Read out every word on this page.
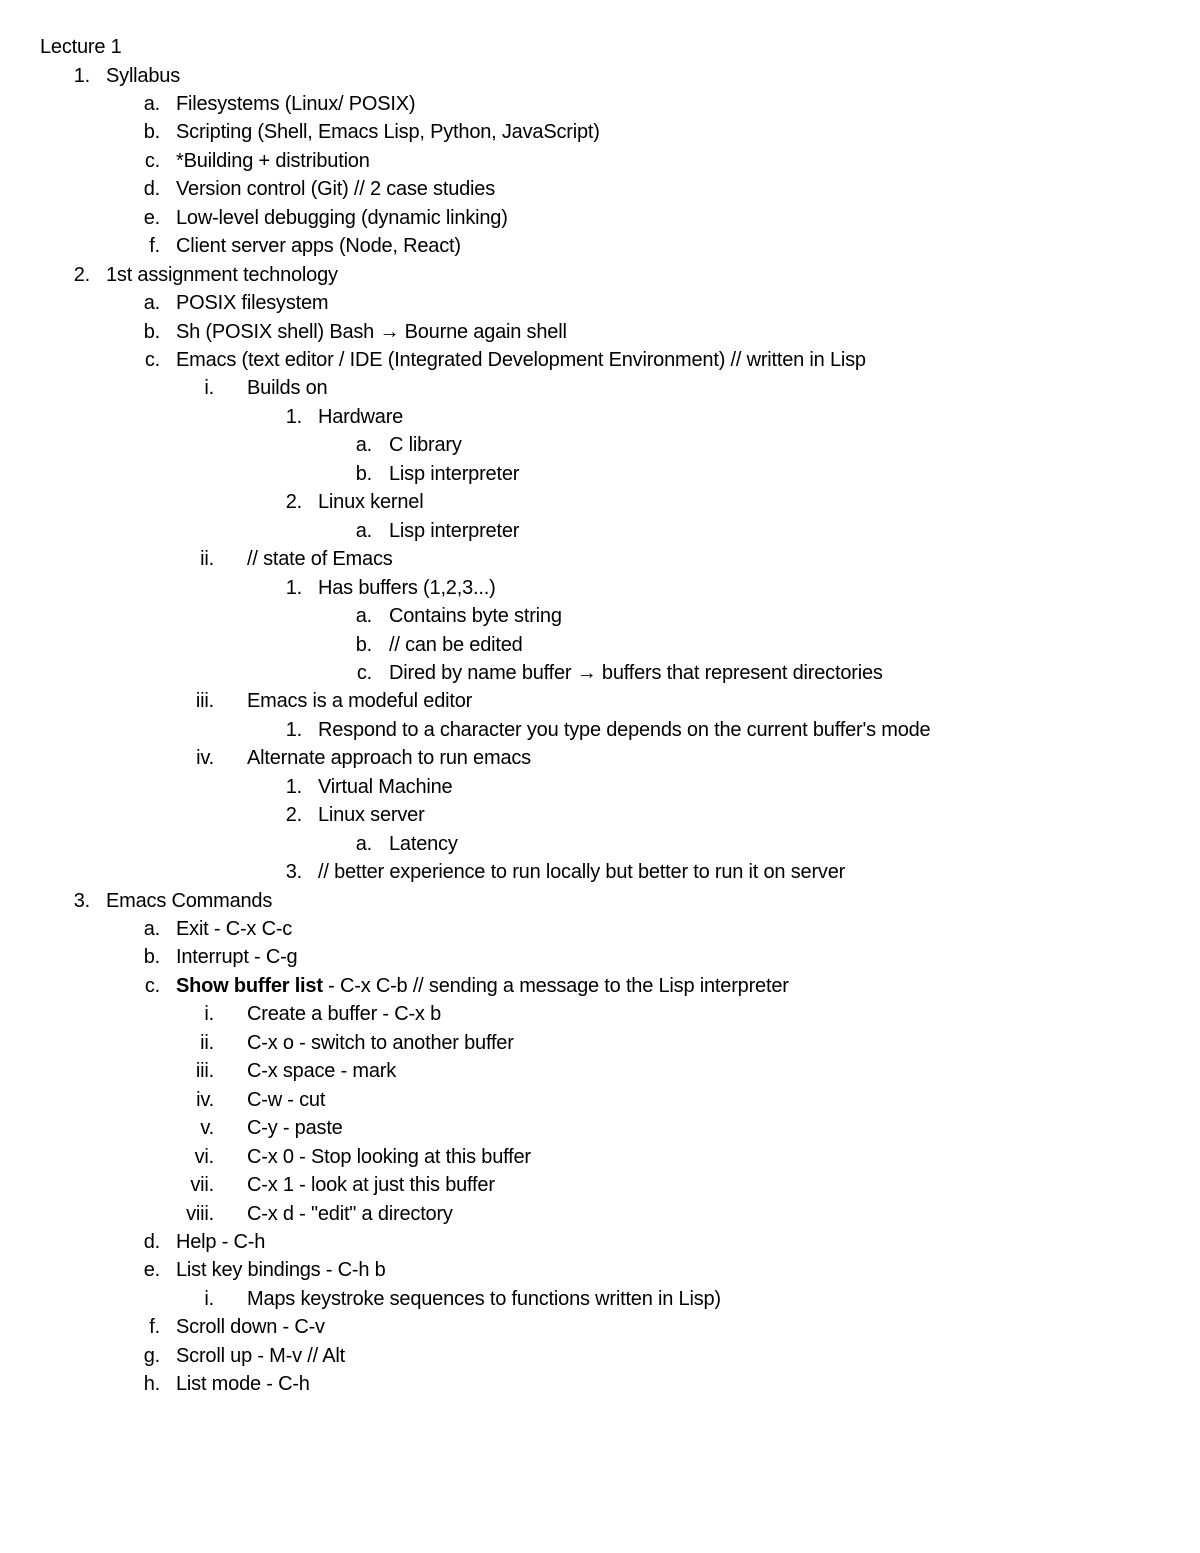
Lecture 1
1. Syllabus
a. Filesystems (Linux/ POSIX)
b. Scripting (Shell, Emacs Lisp, Python, JavaScript)
c. *Building + distribution
d. Version control (Git) // 2 case studies
e. Low-level debugging (dynamic linking)
f. Client server apps (Node, React)
2. 1st assignment technology
a. POSIX filesystem
b. Sh (POSIX shell) Bash → Bourne again shell
c. Emacs (text editor / IDE (Integrated Development Environment) // written in Lisp
i. Builds on
1. Hardware
a. C library
b. Lisp interpreter
2. Linux kernel
a. Lisp interpreter
ii. // state of Emacs
1. Has buffers (1,2,3...)
a. Contains byte string
b. // can be edited
c. Dired by name buffer → buffers that represent directories
iii. Emacs is a modeful editor
1. Respond to a character you type depends on the current buffer's mode
iv. Alternate approach to run emacs
1. Virtual Machine
2. Linux server
a. Latency
3. // better experience to run locally but better to run it on server
3. Emacs Commands
a. Exit - C-x C-c
b. Interrupt - C-g
c. Show buffer list - C-x C-b // sending a message to the Lisp interpreter
i. Create a buffer - C-x b
ii. C-x o - switch to another buffer
iii. C-x space - mark
iv. C-w - cut
v. C-y - paste
vi. C-x 0 - Stop looking at this buffer
vii. C-x 1 - look at just this buffer
viii. C-x d - "edit" a directory
d. Help - C-h
e. List key bindings - C-h b
i. Maps keystroke sequences to functions written in Lisp)
f. Scroll down - C-v
g. Scroll up - M-v // Alt
h. List mode - C-h
